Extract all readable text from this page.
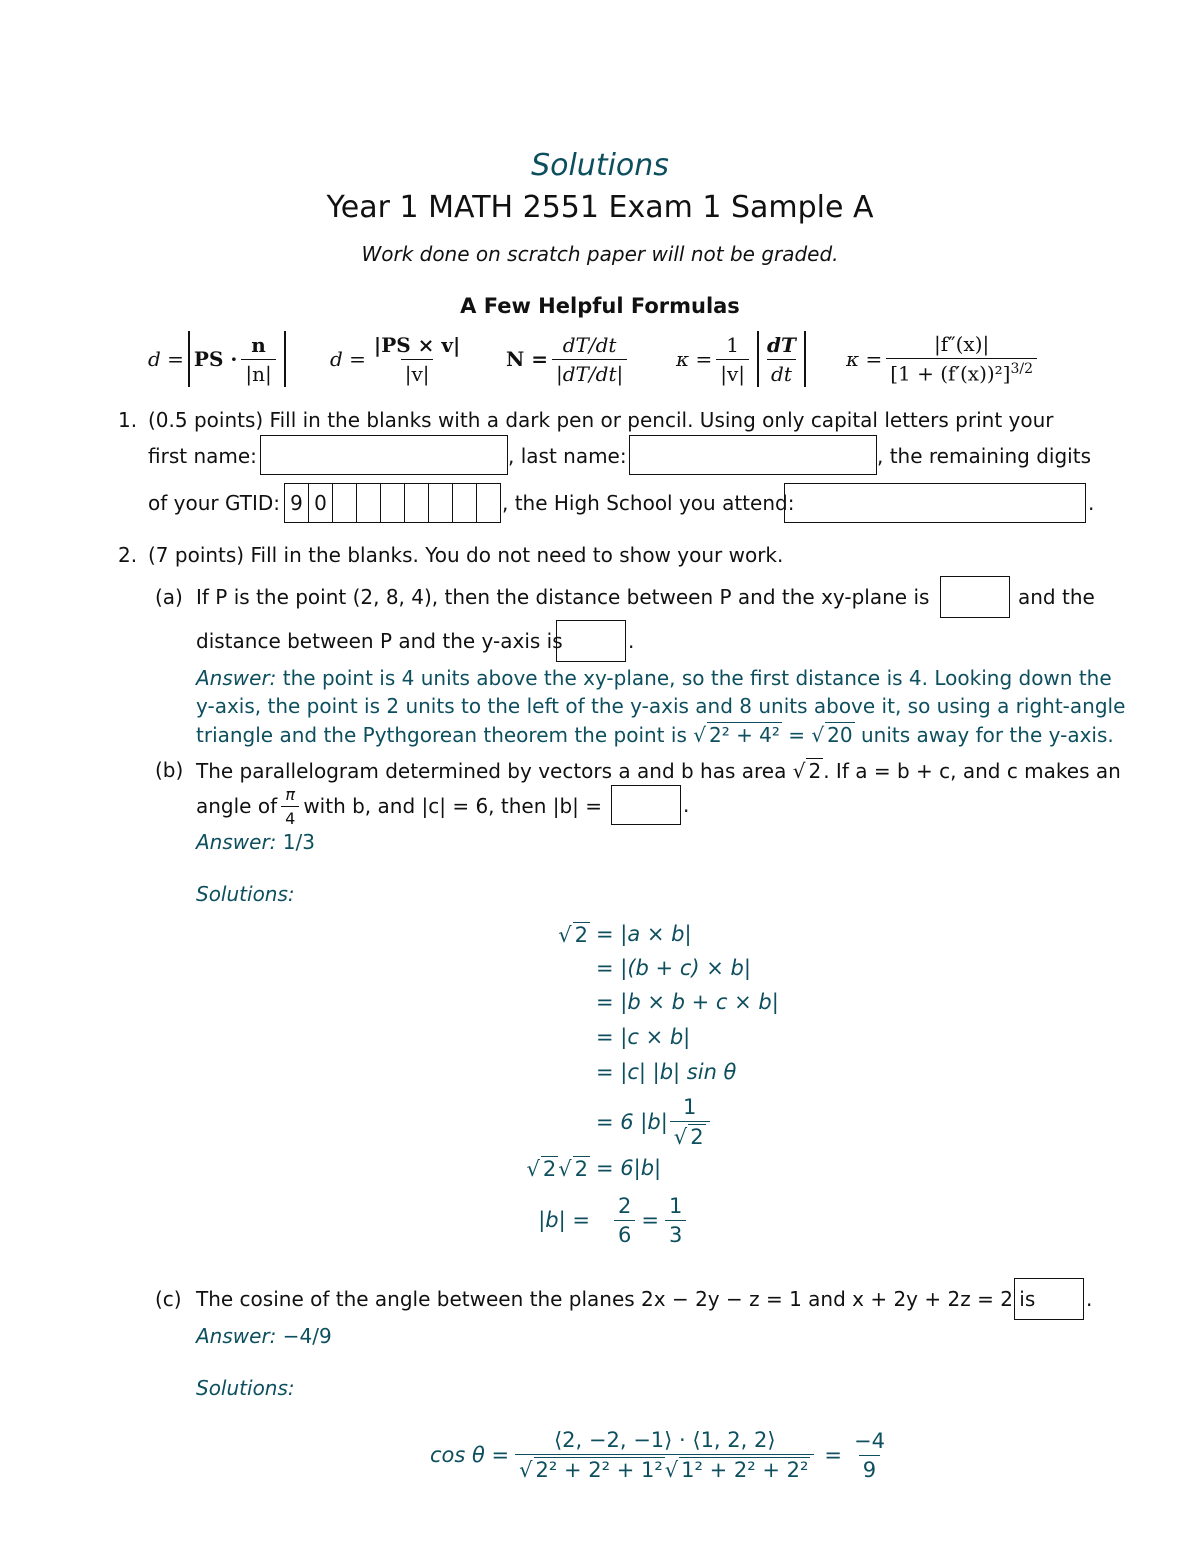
Solutions
Year 1 MATH 2551 Exam 1 Sample A
Work done on scratch paper will not be graded.
A Few Helpful Formulas
d = PS · $\frac{n}{|n|}$	$d = \frac{|PS \times v|}{|v|}$ $N = \frac{dT/dt}{|dT/dt|}$ $\kappa = \frac{1}{|v|} \frac{dT}{dt}$ $\kappa = \frac{|f''(x)|}{[1 + (f'(x))^2]^{3/2}}$
1. (0.5 points) Fill in the blanks with a dark pen or pencil. Using only capital letters print your
first name:	, last name:	, the remaining digits
of your GTID: 9 0	, the High School you attend:	.
2. (7 points) Fill in the blanks. You do not need to show your work.
(a) If P is the point (2, 8, 4), then the distance between P and the xy-plane is	and the
distance between P and the y-axis is	.
Answer: the point is 4 units above the xy-plane, so the first distance is 4. Looking down the
y-axis, the point is 2 units to the left of the y-axis and 8 units above it, so using a right-angle
triangle and the Pythgorean theorem the point is √ 2² + 4² = √ 20 units away for the y-axis.
(b) The parallelogram determined by vectors a and b has area √ 2 . If a = b + c, and c makes an
angle of $\frac{\pi}{4}$ with b, and |c| = 6, then |b| =	.
Answer: 1/3
Solutions:
√ 2 = |a × b|
= |(b + c) × b|
= |b × b + c × b|
= |c × b|
= |c| |b| sin θ
= 6 $|b| \frac{1}{√ 2}$
√ 2√ 2 = 6|b|
$|b| = \frac{2}{6} = \frac{1}{3}$
(c) The cosine of the angle between the planes 2x − 2y − z = 1 and x + 2y + 2z = 2 is	.
Answer: −4/9
Solutions:
$\cos \theta = \frac{⟨2, -2, -1⟩ \cdot ⟨1, 2, 2⟩}{\text{√ 2² + 2² + 1²√ 1² + 2² + 2²}} = \frac{-4}{9}$
